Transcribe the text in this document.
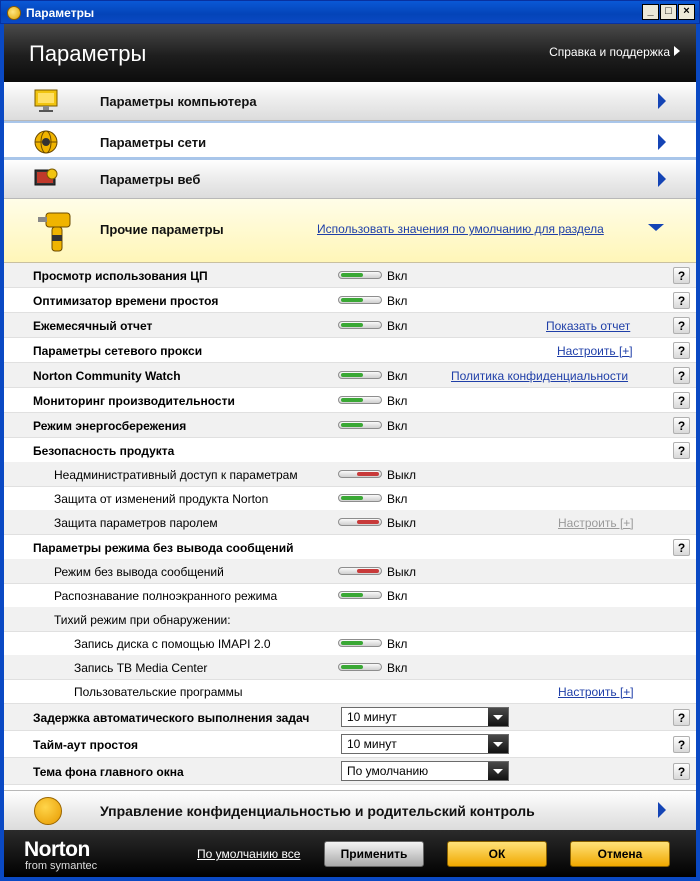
Параметры	_	□	×
Параметры	Справка и поддержка
Параметры компьютера
Параметры сети
Параметры веб
Прочие параметры	Использовать значения по умолчанию для раздела
Просмотр использования ЦП	Вкл	?
Оптимизатор времени простоя	Вкл	?
Ежемесячный отчет	Вкл	Показать отчет	?
Параметры сетевого прокси	Настроить [+]	?
Norton Community Watch	Вкл	Политика конфиденциальности	?
Мониторинг производительности	Вкл	?
Режим энергосбережения	Вкл	?
Безопасность продукта	?
Неадминистративный доступ к параметрам	Выкл
Защита от изменений продукта Norton	Вкл
Защита параметров паролем	Выкл	Настроить [+]
Параметры режима без вывода сообщений	?
Режим без вывода сообщений	Выкл
Распознавание полноэкранного режима	Вкл
Тихий режим при обнаружении:
Запись диска с помощью IMAPI 2.0	Вкл
Запись ТВ Media Center	Вкл
Пользовательские программы	Настроить [+]
Задержка автоматического выполнения задач	10 минут	?
Тайм-аут простоя	10 минут	?
Тема фона главного окна	По умолчанию	?
Управление конфиденциальностью и родительский контроль
Norton
from symantec
По умолчанию все	Применить	ОК	Отмена
